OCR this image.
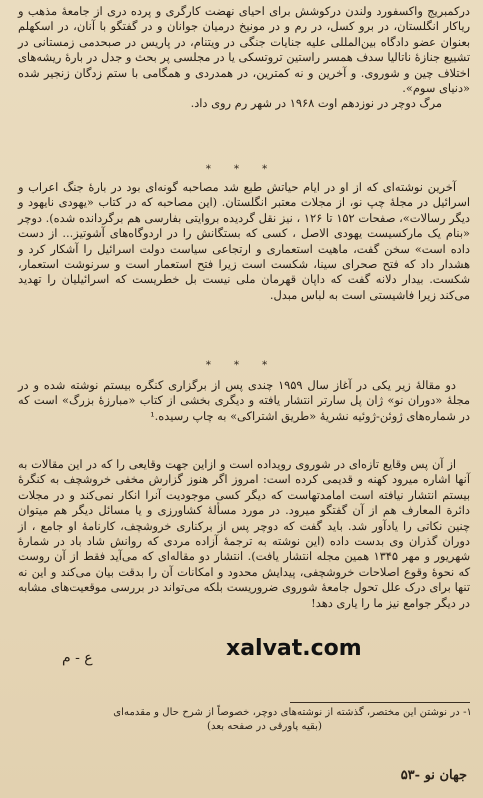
درکمبریج واکسفورد ولندن درکوشش برای احیای نهضت کارگری و پرده دری از جامعهٔ مذهب و ریاکار انگلستان، در برو کسل، در رم و در مونیخ درمیان جوانان و در گفتگو با آنان، در اسکهلم بعنوان عضو دادگاه بین‌المللی علیه جنایات جنگی در ویتنام، در پاریس در صبحدمی زمستانی در تشییع جنازهٔ ناتالیا سدف همسر راستین تروتسکی یا در مجلسی پر بحث و جدل در بارهٔ ریشه‌های اختلاف چین و شوروی. و آخرین و نه کمترین، در همدردی و همگامی با ستم زدگان زنجیر شده «دنیای سوم».

مرگ دوچر در نوزدهم اوت ۱۹۶۸ در شهر رم روی داد.

* * *

آخرین نوشته‌ای که از او در ایام حیاتش طبع شد مصاحبه گونه‌ای بود در بارهٔ جنگ اعراب و اسرائیل در مجلهٔ چپ نو، از مجلات معتبر انگلستان. (این مصاحبه که در کتاب «یهودی نایهود و دیگر رسالات»، صفحات ۱۵۲ تا ۱۲۶ ، نیز نقل گردیده بروایتی بفارسی هم برگردانده شده). دوچر «بنام یک مارکسیست یهودی الاصل ، کسی که بستگانش را در اردوگاه‌های آشوتیز... از دست داده است» سخن گفت، ماهیت استعماری و ارتجاعی سیاست دولت اسرائیل را آشکار کرد و هشدار داد که فتح صحرای سینا، شکست است زیرا فتح استعمار است و سرنوشت استعمار، شکست. بیدار دلانه گفت که داپان قهرمان ملی نیست بل خطریست که اسرائیلیان را تهدید می‌کند زیرا فاشیستی است به لباس مبدل.

* * *

دو مقالهٔ زیر یکی در آغاز سال ۱۹۵۹ چندی پس از برگزاری کنگره بیستم نوشته شده و در مجلهٔ «دوران نو» ژان پل سارتر انتشار یافته و دیگری بخشی از کتاب «مبارزهٔ بزرگ» است که در شماره‌های ژوئن-ژوئیه نشریهٔ «طریق اشتراکی» به چاپ رسیده.¹

از آن پس وقایع تازه‌ای در شوروی رویداده است و ازاین جهت وقایعی را که در این مقالات به آنها اشاره میرود کهنه و قدیمی کرده است: امروز اگر هنوز گزارش مخفی خروشچف به کنگرهٔ بیستم انتشار نیافته است امامدتهاست که دیگر کسی موجودیت آنرا انکار نمی‌کند و در مجلات دائرة المعارف هم از آن گفتگو میرود. در مورد مسألهٔ کشاورزی و یا مسائل دیگر هم میتوان چنین نکاتی را یادآور شد. باید گفت که دوچر پس از برکناری خروشچف، کارنامهٔ او جامع ، از دوران گذران وی بدست داده (این نوشته به ترجمهٔ آزاده مردی که روانش شاد باد در شمارهٔ شهریور و مهر ۱۳۴۵ همین مجله انتشار یافت). انتشار دو مقاله‌ای که می‌آید فقط از آن روست که نحوهٔ وقوع اصلاحات خروشچفی، پیدایش محدود و امکانات آن را بدقت بیان می‌کند و این نه تنها برای درک علل تحول جامعهٔ شوروی ضروریست بلکه می‌تواند در بررسی موقعیت‌های مشابه در دیگر جوامع نیز ما را یاری دهد!

ع - م	xalvat.com
۱- در نوشتن این مختصر، گذشته از نوشته‌های دوچر، خصوصاً از شرح حال و مقدمه‌ای
(بقیه پاورقی در صفحه بعد)
جهان نو -۵۳
